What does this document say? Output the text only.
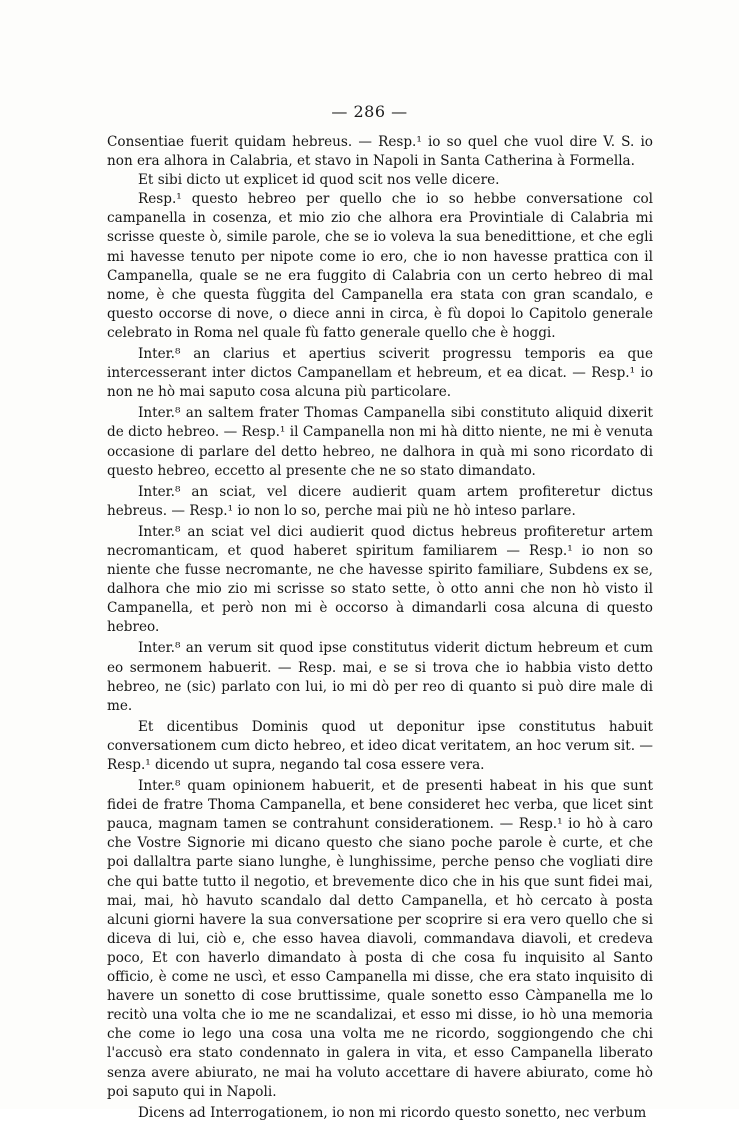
— 286 —

Consentiae fuerit quidam hebreus. — Resp.¹ io so quel che vuol dire V. S. io non era alhora in Calabria, et stavo in Napoli in Santa Catherina à Formella.

Et sibi dicto ut explicet id quod scit nos velle dicere.

Resp.¹ questo hebreo per quello che io so hebbe conversatione col campanella in cosenza, et mio zio che alhora era Provintiale di Calabria mi scrisse queste ò, simile parole, che se io voleva la sua benedittione, et che egli mi havesse tenuto per nipote come io ero, che io non havesse prattica con il Campanella, quale se ne era fuggito di Calabria con un certo hebreo di mal nome, è che questa fùggita del Campanella era stata con gran scandalo, e questo occorse di nove, o diece anni in circa, è fù dopoi lo Capitolo generale celebrato in Roma nel quale fù fatto generale quello che è hoggi.

Inter.⁸ an clarius et apertius sciverit progressu temporis ea que intercesserant inter dictos Campanellam et hebreum, et ea dicat. — Resp.¹ io non ne hò mai saputo cosa alcuna più particolare.

Inter.⁸ an saltem frater Thomas Campanella sibi constituto aliquid dixerit de dicto hebreo. — Resp.¹ il Campanella non mi hà ditto niente, ne mi è venuta occasione di parlare del detto hebreo, ne dalhora in quà mi sono ricordato di questo hebreo, eccetto al presente che ne so stato dimandato.

Inter.⁸ an sciat, vel dicere audierit quam artem profiteretur dictus hebreus. — Resp.¹ io non lo so, perche mai più ne hò inteso parlare.

Inter.⁸ an sciat vel dici audierit quod dictus hebreus profiteretur artem necromanticam, et quod haberet spiritum familiarem — Resp.¹ io non so niente che fusse necromante, ne che havesse spirito familiare, Subdens ex se, dalhora che mio zio mi scrisse so stato sette, ò otto anni che non hò visto il Campanella, et però non mi è occorso à dimandarli cosa alcuna di questo hebreo.

Inter.⁸ an verum sit quod ipse constitutus viderit dictum hebreum et cum eo sermonem habuerit. — Resp. mai, e se si trova che io habbia visto detto hebreo, ne (sic) parlato con lui, io mi dò per reo di quanto si può dire male di me.

Et dicentibus Dominis quod ut deponitur ipse constitutus habuit conversationem cum dicto hebreo, et ideo dicat veritatem, an hoc verum sit. — Resp.¹ dicendo ut supra, negando tal cosa essere vera.

Inter.⁸ quam opinionem habuerit, et de presenti habeat in his que sunt fidei de fratre Thoma Campanella, et bene consideret hec verba, que licet sint pauca, magnam tamen se contrahunt considerationem. — Resp.¹ io hò à caro che Vostre Signorie mi dicano questo che siano poche parole è curte, et che poi dallaltra parte siano lunghe, è lunghissime, perche penso che vogliati dire che qui batte tutto il negotio, et brevemente dico che in his que sunt fidei mai, mai, mai, hò havuto scandalo dal detto Campanella, et hò cercato à posta alcuni giorni havere la sua conversatione per scoprire si era vero quello che si diceva di lui, ciò e, che esso havea diavoli, commandava diavoli, et credeva poco, Et con haverlo dimandato à posta di che cosa fu inquisito al Santo officio, è come ne uscì, et esso Campanella mi disse, che era stato inquisito di havere un sonetto di cose bruttissime, quale sonetto esso Càmpanella me lo recitò una volta che io me ne scandalizai, et esso mi disse, io hò una memoria che come io lego una cosa una volta me ne ricordo, soggiongendo che chi l'accusò era stato condennato in galera in vita, et esso Campanella liberato senza avere abiurato, ne mai ha voluto accettare di havere abiurato, come hò poi saputo qui in Napoli.

Dicens ad Interrogationem, io non mi ricordo questo sonetto, nec verbum
